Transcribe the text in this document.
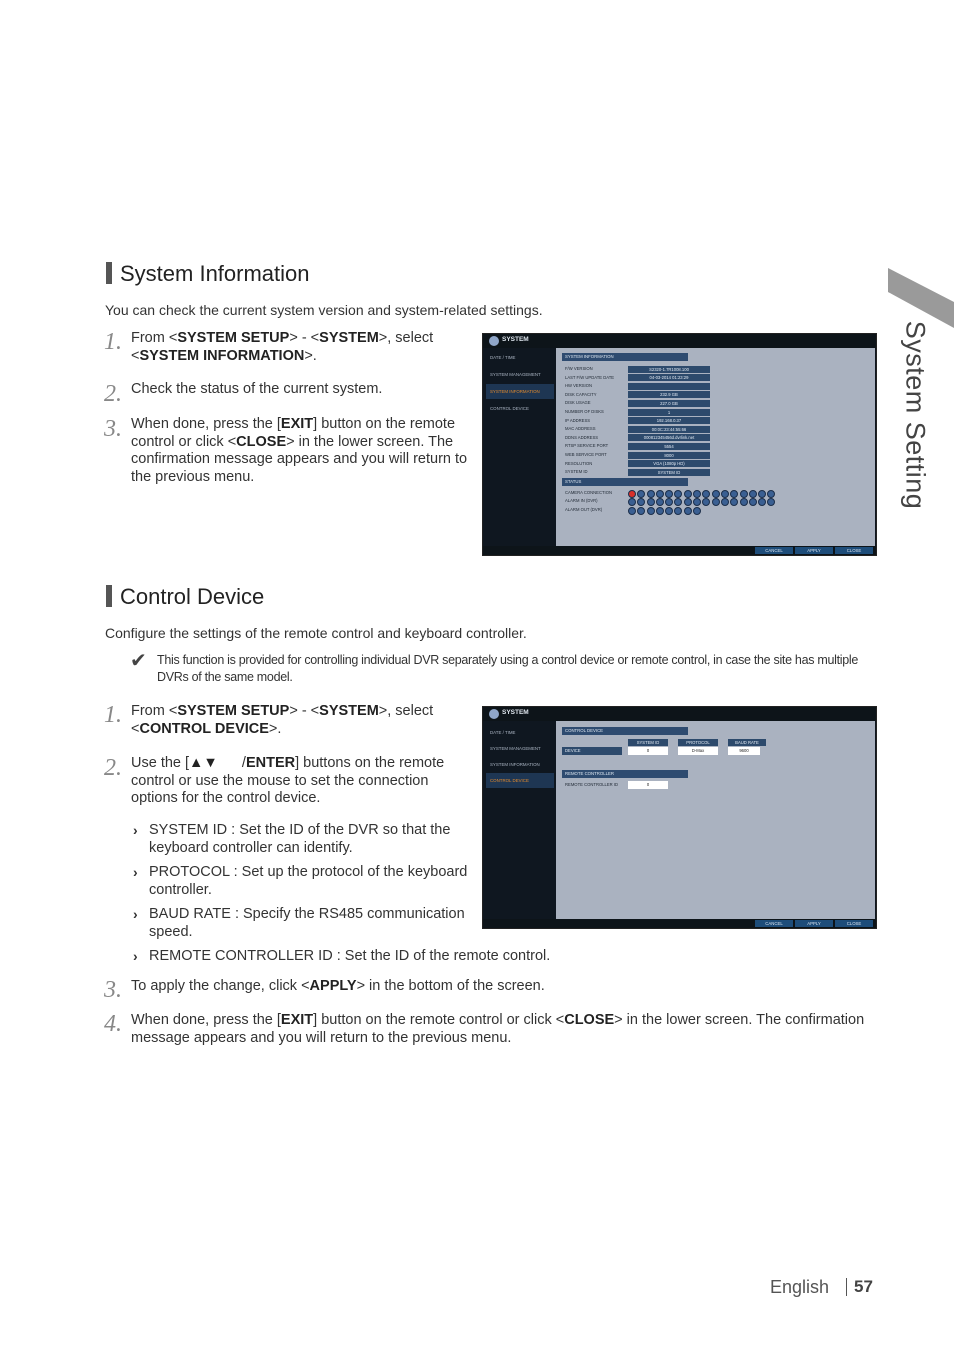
System Setting
System Information
You can check the current system version and system-related settings.
1. From <SYSTEM SETUP> - <SYSTEM>, select <SYSTEM INFORMATION>.
2. Check the status of the current system.
3. When done, press the [EXIT] button on the remote control or click <CLOSE> in the lower screen. The confirmation message appears and you will return to the previous menu.
SYSTEM
DATE / TIME
SYSTEM MANAGEMENT
SYSTEM INFORMATION
CONTROL DEVICE
SYSTEM INFORMATION
STATUS
F/W VERSION	S2320-1.7R1008.100
LAST F/W UPDATE DATE	04-03-2014 01:23:29
HW VERSION
DISK CAPACITY	232.9 GB
DISK USAGE	227.0 GB
NUMBER OF DISKS	1
IP ADDRESS	192.168.0.37
MAC ADDRESS	00:0C:23:44:55:66
DDNS ADDRESS	000812345456d.dvrlink.net
RTSP SERVICE PORT	5554
WEB SERVICE PORT	8000
RESOLUTION	VGA (1080p HD)
SYSTEM ID	SYSTEM ID
CAMERA CONNECTION
ALARM IN (DVR)
ALARM OUT (DVR)
CANCEL	APPLY	CLOSE
Control Device
Configure the settings of the remote control and keyboard controller.
✔ This function is provided for controlling individual DVR separately using a control device or remote control, in case the site has multiple
DVRs of the same model.
1. From <SYSTEM SETUP> - <SYSTEM>, select <CONTROL DEVICE>.
2. Use the [▲▼      /ENTER] buttons on the remote control or use the mouse to set the connection options for the control device.
› SYSTEM ID : Set the ID of the DVR so that the keyboard controller can identify.
› PROTOCOL : Set up the protocol of the keyboard controller.
› BAUD RATE : Specify the RS485 communication speed.
› REMOTE CONTROLLER ID : Set the ID of the remote control.
3. To apply the change, click <APPLY> in the bottom of the screen.
4. When done, press the [EXIT] button on the remote control or click <CLOSE> in the lower screen. The confirmation message appears and you will return to the previous menu.
SYSTEM
DATE / TIME
SYSTEM MANAGEMENT
SYSTEM INFORMATION
CONTROL DEVICE
CONTROL DEVICE
SYSTEM ID	PROTOCOL	BAUD RATE
DEVICE	0	D-Max	9600
REMOTE CONTROLLER
REMOTE CONTROLLER ID	0
CANCEL	APPLY	CLOSE
English 57
